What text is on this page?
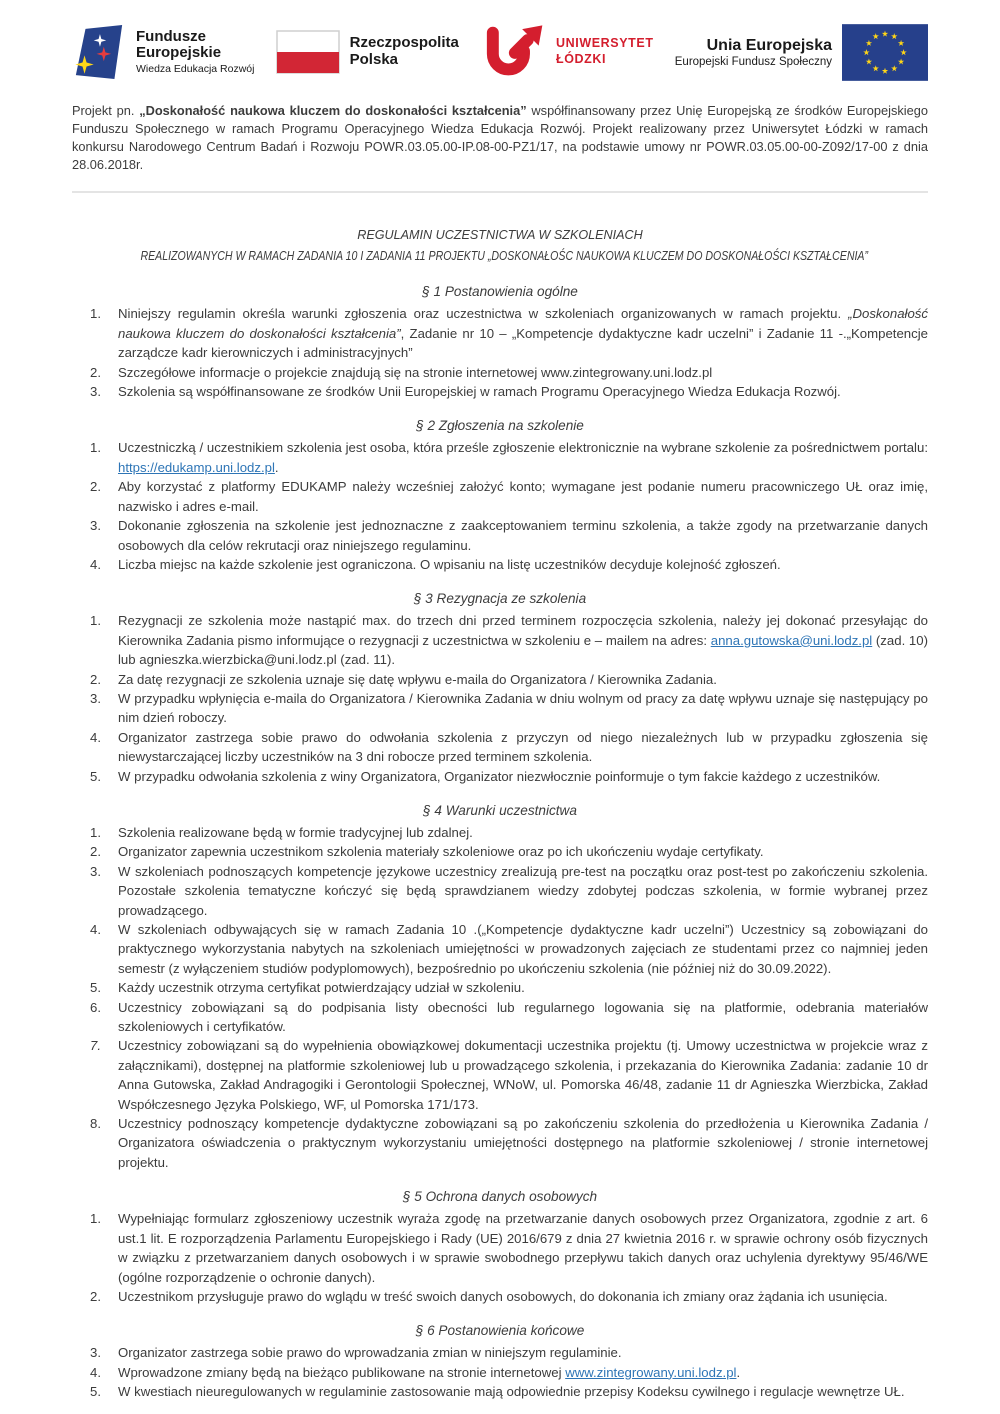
Fundusze
Europejskie
Wiedza Edukacja Rozwój
Rzeczpospolita
Polska
UNIWERSYTET
ŁÓDZKI
Unia Europejska
Europejski Fundusz Społeczny

Projekt pn. „Doskonałość naukowa kluczem do doskonałości kształcenia” współfinansowany przez Unię Europejską ze środków Europejskiego Funduszu Społecznego w ramach Programu Operacyjnego Wiedza Edukacja Rozwój. Projekt realizowany przez Uniwersytet Łódzki w ramach konkursu Narodowego Centrum Badań i Rozwoju POWR.03.05.00-IP.08-00-PZ1/17, na podstawie umowy nr POWR.03.05.00-00-Z092/17-00 z dnia 28.06.2018r.

REGULAMIN UCZESTNICTWA W SZKOLENIACH
REALIZOWANYCH W RAMACH ZADANIA 10 I ZADANIA 11 PROJEKTU „DOSKONAŁOŚC NAUKOWA KLUCZEM DO DOSKONAŁOŚCI KSZTAŁCENIA”
§ 1 Postanowienia ogólne
1.	Niniejszy regulamin określa warunki zgłoszenia oraz uczestnictwa w szkoleniach organizowanych w ramach projektu. „Doskonałość naukowa kluczem do doskonałości kształcenia”, Zadanie nr 10 – „Kompetencje dydaktyczne kadr uczelni” i Zadanie 11 -.„Kompetencje zarządcze kadr kierowniczych i administracyjnych”
2.	Szczegółowe informacje o projekcie znajdują się na stronie internetowej www.zintegrowany.uni.lodz.pl
3.	Szkolenia są współfinansowane ze środków Unii Europejskiej w ramach Programu Operacyjnego Wiedza Edukacja Rozwój.
§ 2 Zgłoszenia na szkolenie
1.	Uczestniczką / uczestnikiem szkolenia jest osoba, która prześle zgłoszenie elektronicznie na wybrane szkolenie za pośrednictwem portalu: https://edukamp.uni.lodz.pl.
2.	Aby korzystać z platformy EDUKAMP należy wcześniej założyć konto; wymagane jest podanie numeru pracowniczego UŁ oraz imię, nazwisko i adres e-mail.
3.	Dokonanie zgłoszenia na szkolenie jest jednoznaczne z zaakceptowaniem terminu szkolenia, a także zgody na przetwarzanie danych osobowych dla celów rekrutacji oraz niniejszego regulaminu.
4.	Liczba miejsc na każde szkolenie jest ograniczona. O wpisaniu na listę uczestników decyduje kolejność zgłoszeń.
§ 3 Rezygnacja ze szkolenia
1.	Rezygnacji ze szkolenia może nastąpić max. do trzech dni przed terminem rozpoczęcia szkolenia, należy jej dokonać przesyłając do Kierownika Zadania pismo informujące o rezygnacji z uczestnictwa w szkoleniu e – mailem na adres: anna.gutowska@uni.lodz.pl (zad. 10) lub agnieszka.wierzbicka@uni.lodz.pl (zad. 11).
2.	Za datę rezygnacji ze szkolenia uznaje się datę wpływu e-maila do Organizatora / Kierownika Zadania.
3.	W przypadku wpłynięcia e-maila do Organizatora / Kierownika Zadania w dniu wolnym od pracy za datę wpływu uznaje się następujący po nim dzień roboczy.
4.	Organizator zastrzega sobie prawo do odwołania szkolenia z przyczyn od niego niezależnych lub w przypadku zgłoszenia się niewystarczającej liczby uczestników na 3 dni robocze przed terminem szkolenia.
5.	W przypadku odwołania szkolenia z winy Organizatora, Organizator niezwłocznie poinformuje o tym fakcie każdego z uczestników.
§ 4 Warunki uczestnictwa
1.	Szkolenia realizowane będą w formie tradycyjnej lub zdalnej.
2.	Organizator zapewnia uczestnikom szkolenia materiały szkoleniowe oraz po ich ukończeniu wydaje certyfikaty.
3.	W szkoleniach podnoszących kompetencje językowe uczestnicy zrealizują pre-test na początku oraz post-test po zakończeniu szkolenia. Pozostałe szkolenia tematyczne kończyć się będą sprawdzianem wiedzy zdobytej podczas szkolenia, w formie wybranej przez prowadzącego.
4.	W szkoleniach odbywających się w ramach Zadania 10 .(„Kompetencje dydaktyczne kadr uczelni”) Uczestnicy są zobowiązani do praktycznego wykorzystania nabytych na szkoleniach umiejętności w prowadzonych zajęciach ze studentami przez co najmniej jeden semestr (z wyłączeniem studiów podyplomowych), bezpośrednio po ukończeniu szkolenia (nie później niż do 30.09.2022).
5.	Każdy uczestnik otrzyma certyfikat potwierdzający udział w szkoleniu.
6.	Uczestnicy zobowiązani są do podpisania listy obecności lub regularnego logowania się na platformie, odebrania materiałów szkoleniowych i certyfikatów.
7.	Uczestnicy zobowiązani są do wypełnienia obowiązkowej dokumentacji uczestnika projektu (tj. Umowy uczestnictwa w projekcie wraz z załącznikami), dostępnej na platformie szkoleniowej lub u prowadzącego szkolenia, i przekazania do Kierownika Zadania: zadanie 10 dr Anna Gutowska, Zakład Andragogiki i Gerontologii Społecznej, WNoW, ul. Pomorska 46/48, zadanie 11 dr Agnieszka Wierzbicka, Zakład Współczesnego Języka Polskiego, WF, ul Pomorska 171/173.
8.	Uczestnicy podnoszący kompetencje dydaktyczne zobowiązani są po zakończeniu szkolenia do przedłożenia u Kierownika Zadania / Organizatora oświadczenia o praktycznym wykorzystaniu umiejętności dostępnego na platformie szkoleniowej / stronie internetowej projektu.
§ 5 Ochrona danych osobowych
1.	Wypełniając formularz zgłoszeniowy uczestnik wyraża zgodę na przetwarzanie danych osobowych przez Organizatora, zgodnie z art. 6 ust.1 lit. E rozporządzenia Parlamentu Europejskiego i Rady (UE) 2016/679 z dnia 27 kwietnia 2016 r. w sprawie ochrony osób fizycznych w związku z przetwarzaniem danych osobowych i w sprawie swobodnego przepływu takich danych oraz uchylenia dyrektywy 95/46/WE (ogólne rozporządzenie o ochronie danych).
2.	Uczestnikom przysługuje prawo do wglądu w treść swoich danych osobowych, do dokonania ich zmiany oraz żądania ich usunięcia.
§ 6 Postanowienia końcowe
3.	Organizator zastrzega sobie prawo do wprowadzania zmian w niniejszym regulaminie.
4.	Wprowadzone zmiany będą na bieżąco publikowane na stronie internetowej www.zintegrowany.uni.lodz.pl.
5.	W kwestiach nieuregulowanych w regulaminie zastosowanie mają odpowiednie przepisy Kodeksu cywilnego i regulacje wewnętrze UŁ.
